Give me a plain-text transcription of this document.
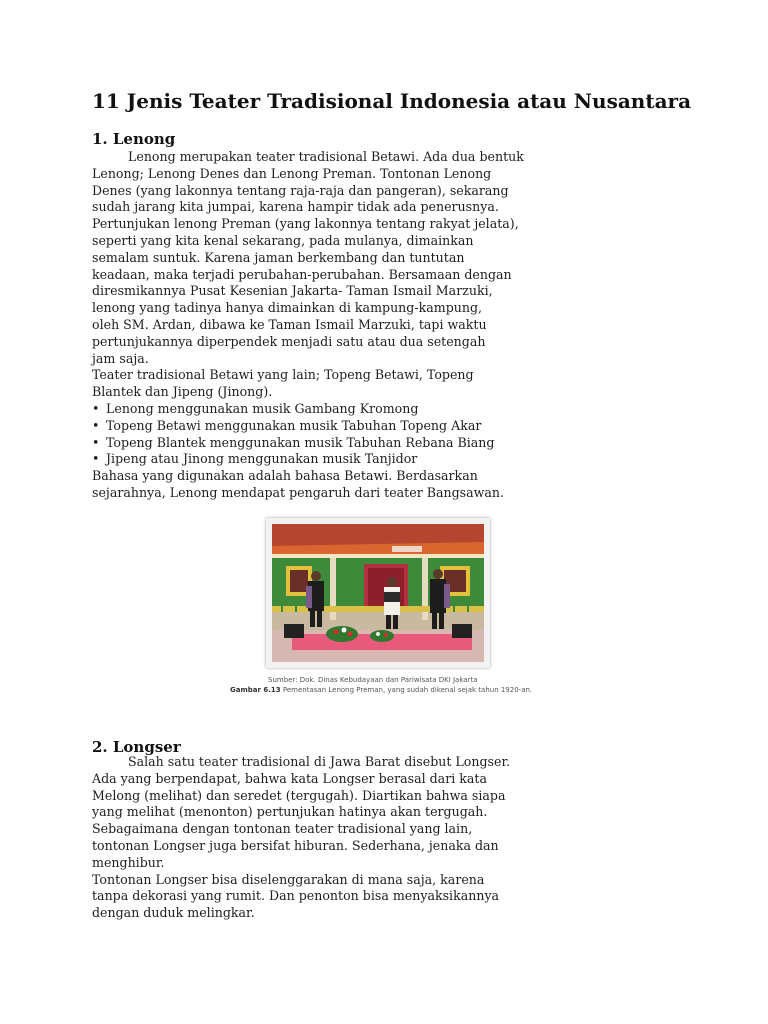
11 Jenis Teater Tradisional Indonesia atau Nusantara
1. Lenong
Lenong merupakan teater tradisional Betawi. Ada dua bentuk
Lenong; Lenong Denes dan Lenong Preman. Tontonan Lenong
Denes (yang lakonnya tentang raja-raja dan pangeran), sekarang
sudah jarang kita jumpai, karena hampir tidak ada penerusnya.
Pertunjukan lenong Preman (yang lakonnya tentang rakyat jelata),
seperti yang kita kenal sekarang, pada mulanya, dimainkan
semalam suntuk. Karena jaman berkembang dan tuntutan
keadaan, maka terjadi perubahan-perubahan. Bersamaan dengan
diresmikannya Pusat Kesenian Jakarta- Taman Ismail Marzuki,
lenong yang tadinya hanya dimainkan di kampung-kampung,
oleh SM. Ardan, dibawa ke Taman Ismail Marzuki, tapi waktu
pertunjukannya diperpendek menjadi satu atau dua setengah
jam saja.
Teater tradisional Betawi yang lain; Topeng Betawi, Topeng
Blantek dan Jipeng (Jinong).
• Lenong menggunakan musik Gambang Kromong
• Topeng Betawi menggunakan musik Tabuhan Topeng Akar
• Topeng Blantek menggunakan musik Tabuhan Rebana Biang
• Jipeng atau Jinong menggunakan musik Tanjidor
Bahasa yang digunakan adalah bahasa Betawi. Berdasarkan
sejarahnya, Lenong mendapat pengaruh dari teater Bangsawan.
Sumber: Dok. Dinas Kebudayaan dan Pariwisata DKI Jakarta
Gambar 6.13 Pementasan Lenong Preman, yang sudah dikenal sejak tahun 1920-an.
2. Longser
Salah satu teater tradisional di Jawa Barat disebut Longser.
Ada yang berpendapat, bahwa kata Longser berasal dari kata
Melong (melihat) dan seredet (tergugah). Diartikan bahwa siapa
yang melihat (menonton) pertunjukan hatinya akan tergugah.
Sebagaimana dengan tontonan teater tradisional yang lain,
tontonan Longser juga bersifat hiburan. Sederhana, jenaka dan
menghibur.
Tontonan Longser bisa diselenggarakan di mana saja, karena
tanpa dekorasi yang rumit. Dan penonton bisa menyaksikannya
dengan duduk melingkar.
